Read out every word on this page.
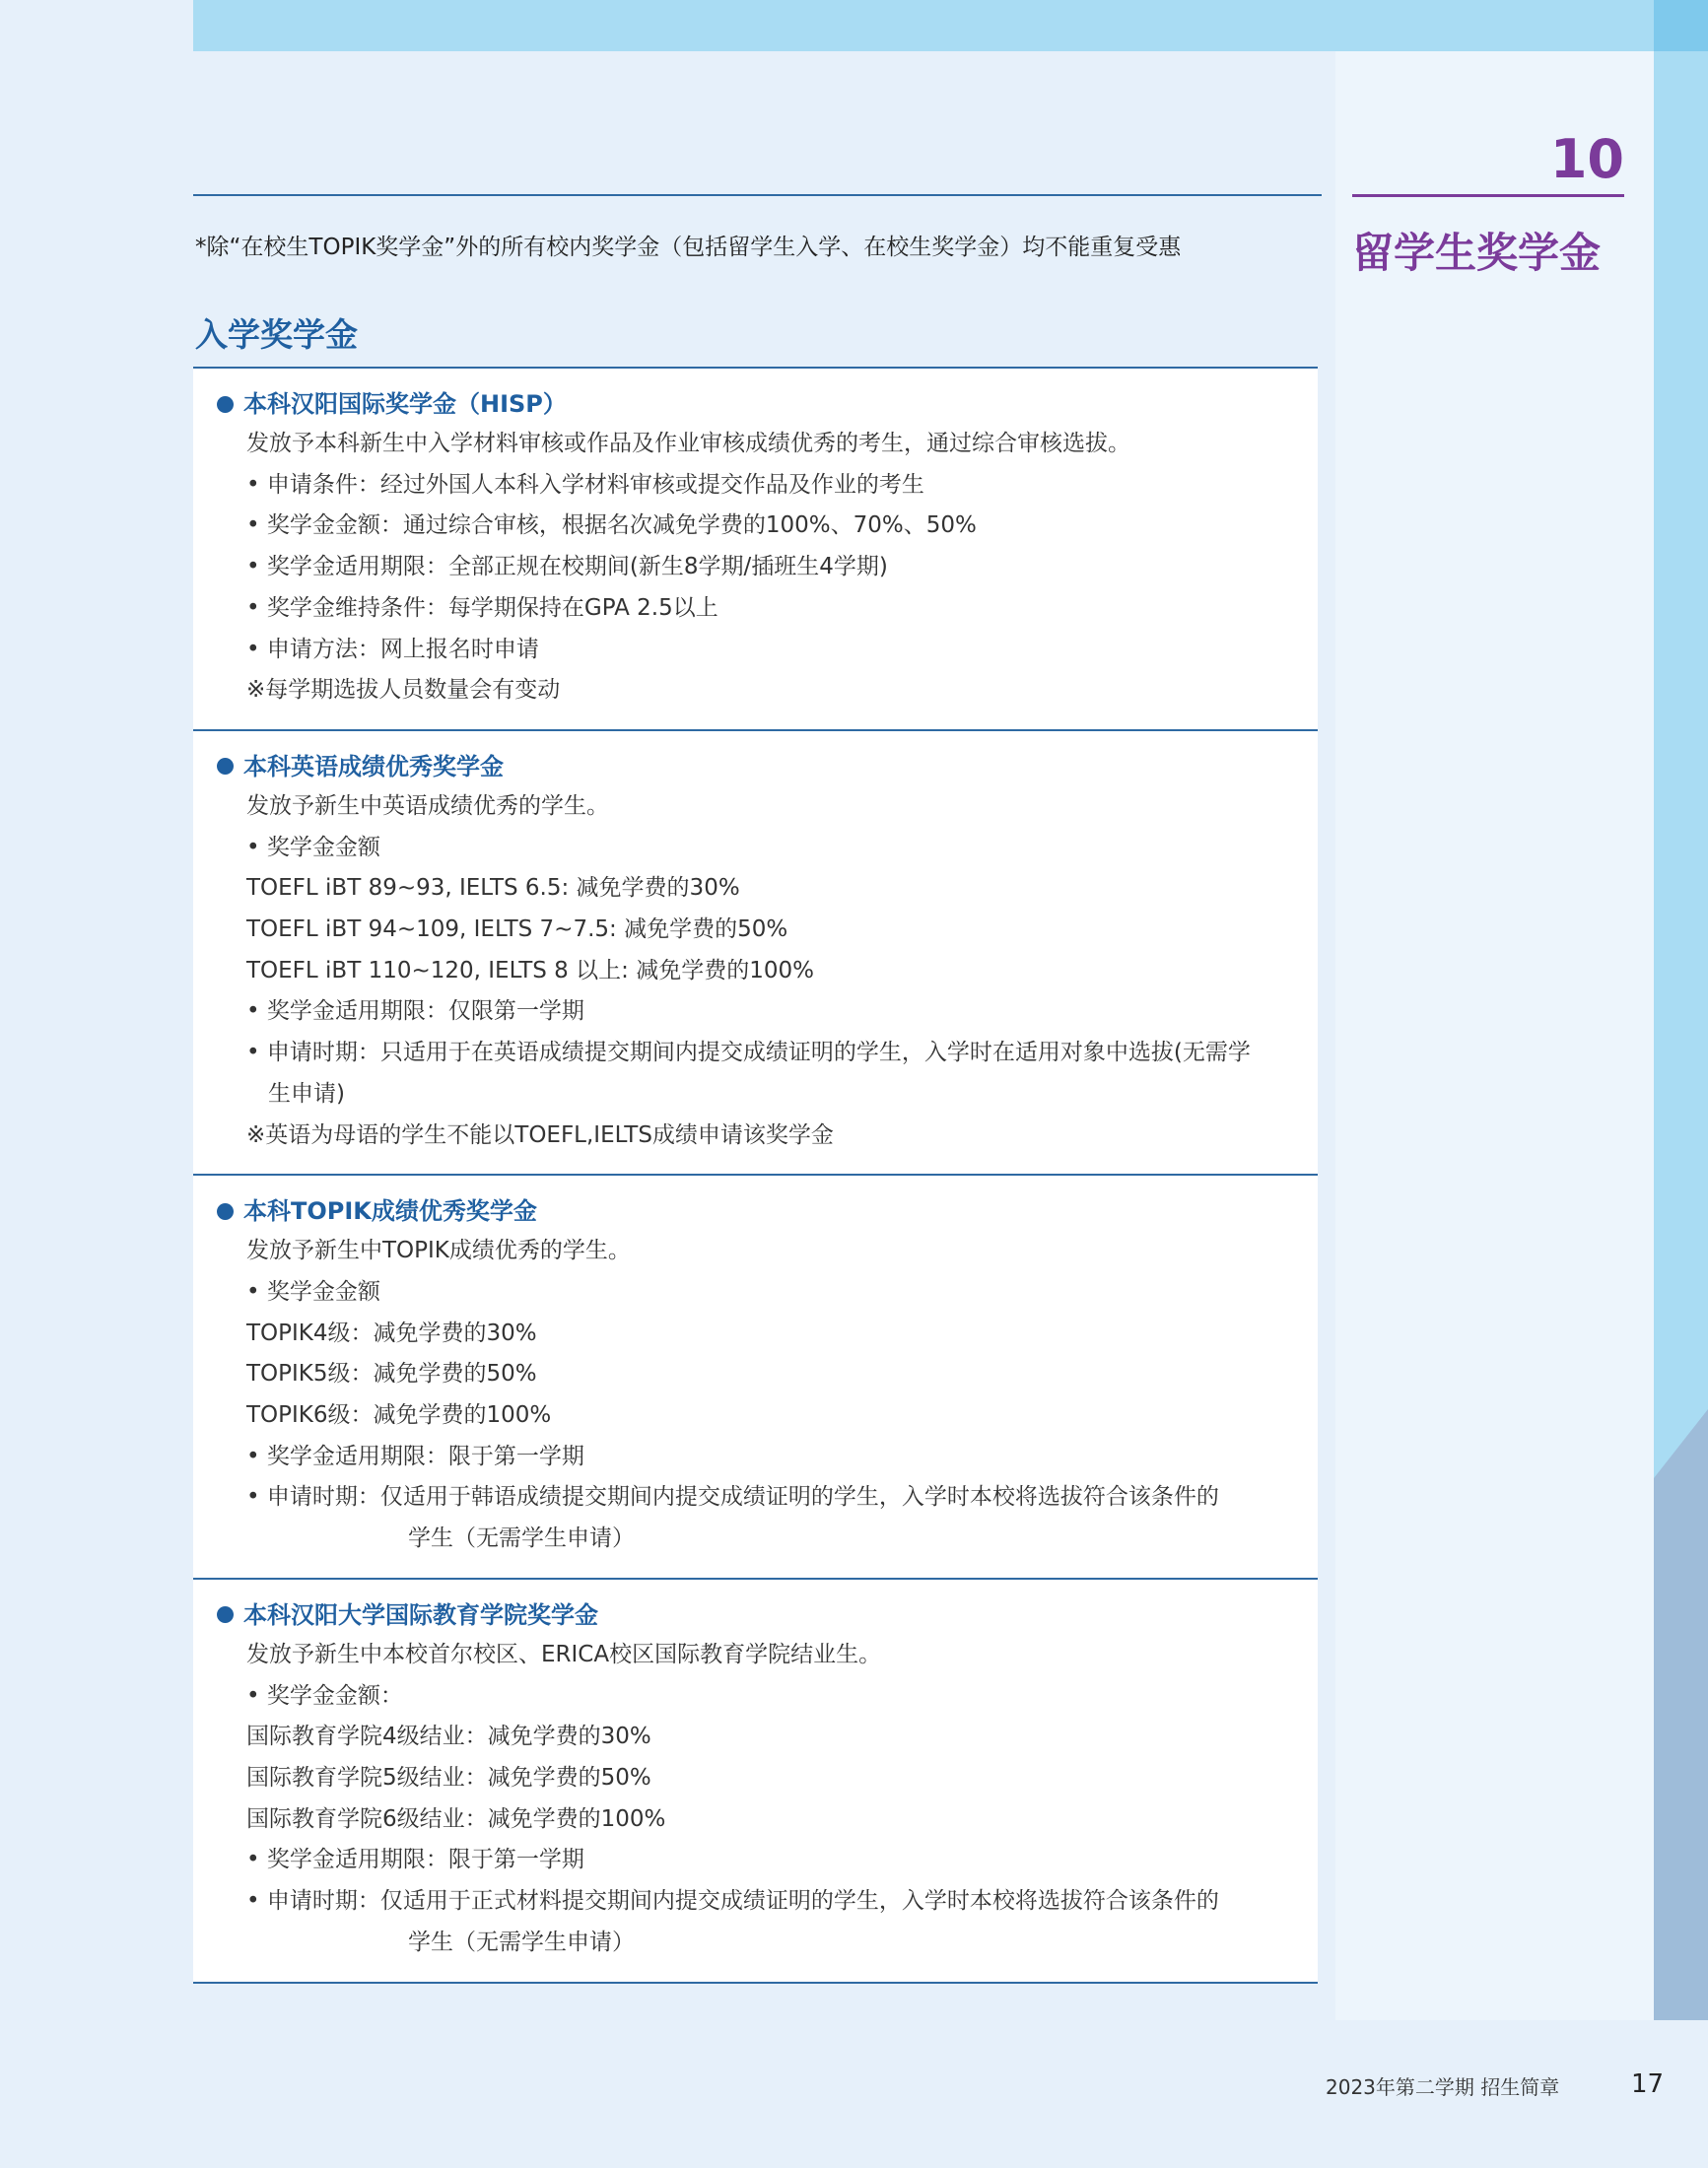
10
留学生奖学金
*除“在校生TOPIK奖学金”外的所有校内奖学金（包括留学生入学、在校生奖学金）均不能重复受惠
入学奖学金
本科汉阳国际奖学金（HISP）
发放予本科新生中入学材料审核或作品及作业审核成绩优秀的考生，通过综合审核选拔。
• 申请条件：经过外国人本科入学材料审核或提交作品及作业的考生
• 奖学金金额：通过综合审核，根据名次减免学费的100%、70%、50%
• 奖学金适用期限：全部正规在校期间(新生8学期/插班生4学期)
• 奖学金维持条件：每学期保持在GPA 2.5以上
• 申请方法：网上报名时申请
※每学期选拔人员数量会有变动
本科英语成绩优秀奖学金
发放予新生中英语成绩优秀的学生。
• 奖学金金额
TOEFL iBT 89~93, IELTS 6.5: 减免学费的30%
TOEFL iBT 94~109, IELTS 7~7.5: 减免学费的50%
TOEFL iBT 110~120, IELTS 8 以上: 减免学费的100%
• 奖学金适用期限：仅限第一学期
• 申请时期：只适用于在英语成绩提交期间内提交成绩证明的学生，入学时在适用对象中选拔(无需学
生申请)
※英语为母语的学生不能以TOEFL,IELTS成绩申请该奖学金
本科TOPIK成绩优秀奖学金
发放予新生中TOPIK成绩优秀的学生。
• 奖学金金额
TOPIK4级：减免学费的30%
TOPIK5级：减免学费的50%
TOPIK6级：减免学费的100%
• 奖学金适用期限：限于第一学期
• 申请时期：仅适用于韩语成绩提交期间内提交成绩证明的学生，入学时本校将选拔符合该条件的
学生（无需学生申请）
本科汉阳大学国际教育学院奖学金
发放予新生中本校首尔校区、ERICA校区国际教育学院结业生。
• 奖学金金额：
国际教育学院4级结业：减免学费的30%
国际教育学院5级结业：减免学费的50%
国际教育学院6级结业：减免学费的100%
• 奖学金适用期限：限于第一学期
• 申请时期：仅适用于正式材料提交期间内提交成绩证明的学生，入学时本校将选拔符合该条件的
学生（无需学生申请）
2023年第二学期 招生简章	17
